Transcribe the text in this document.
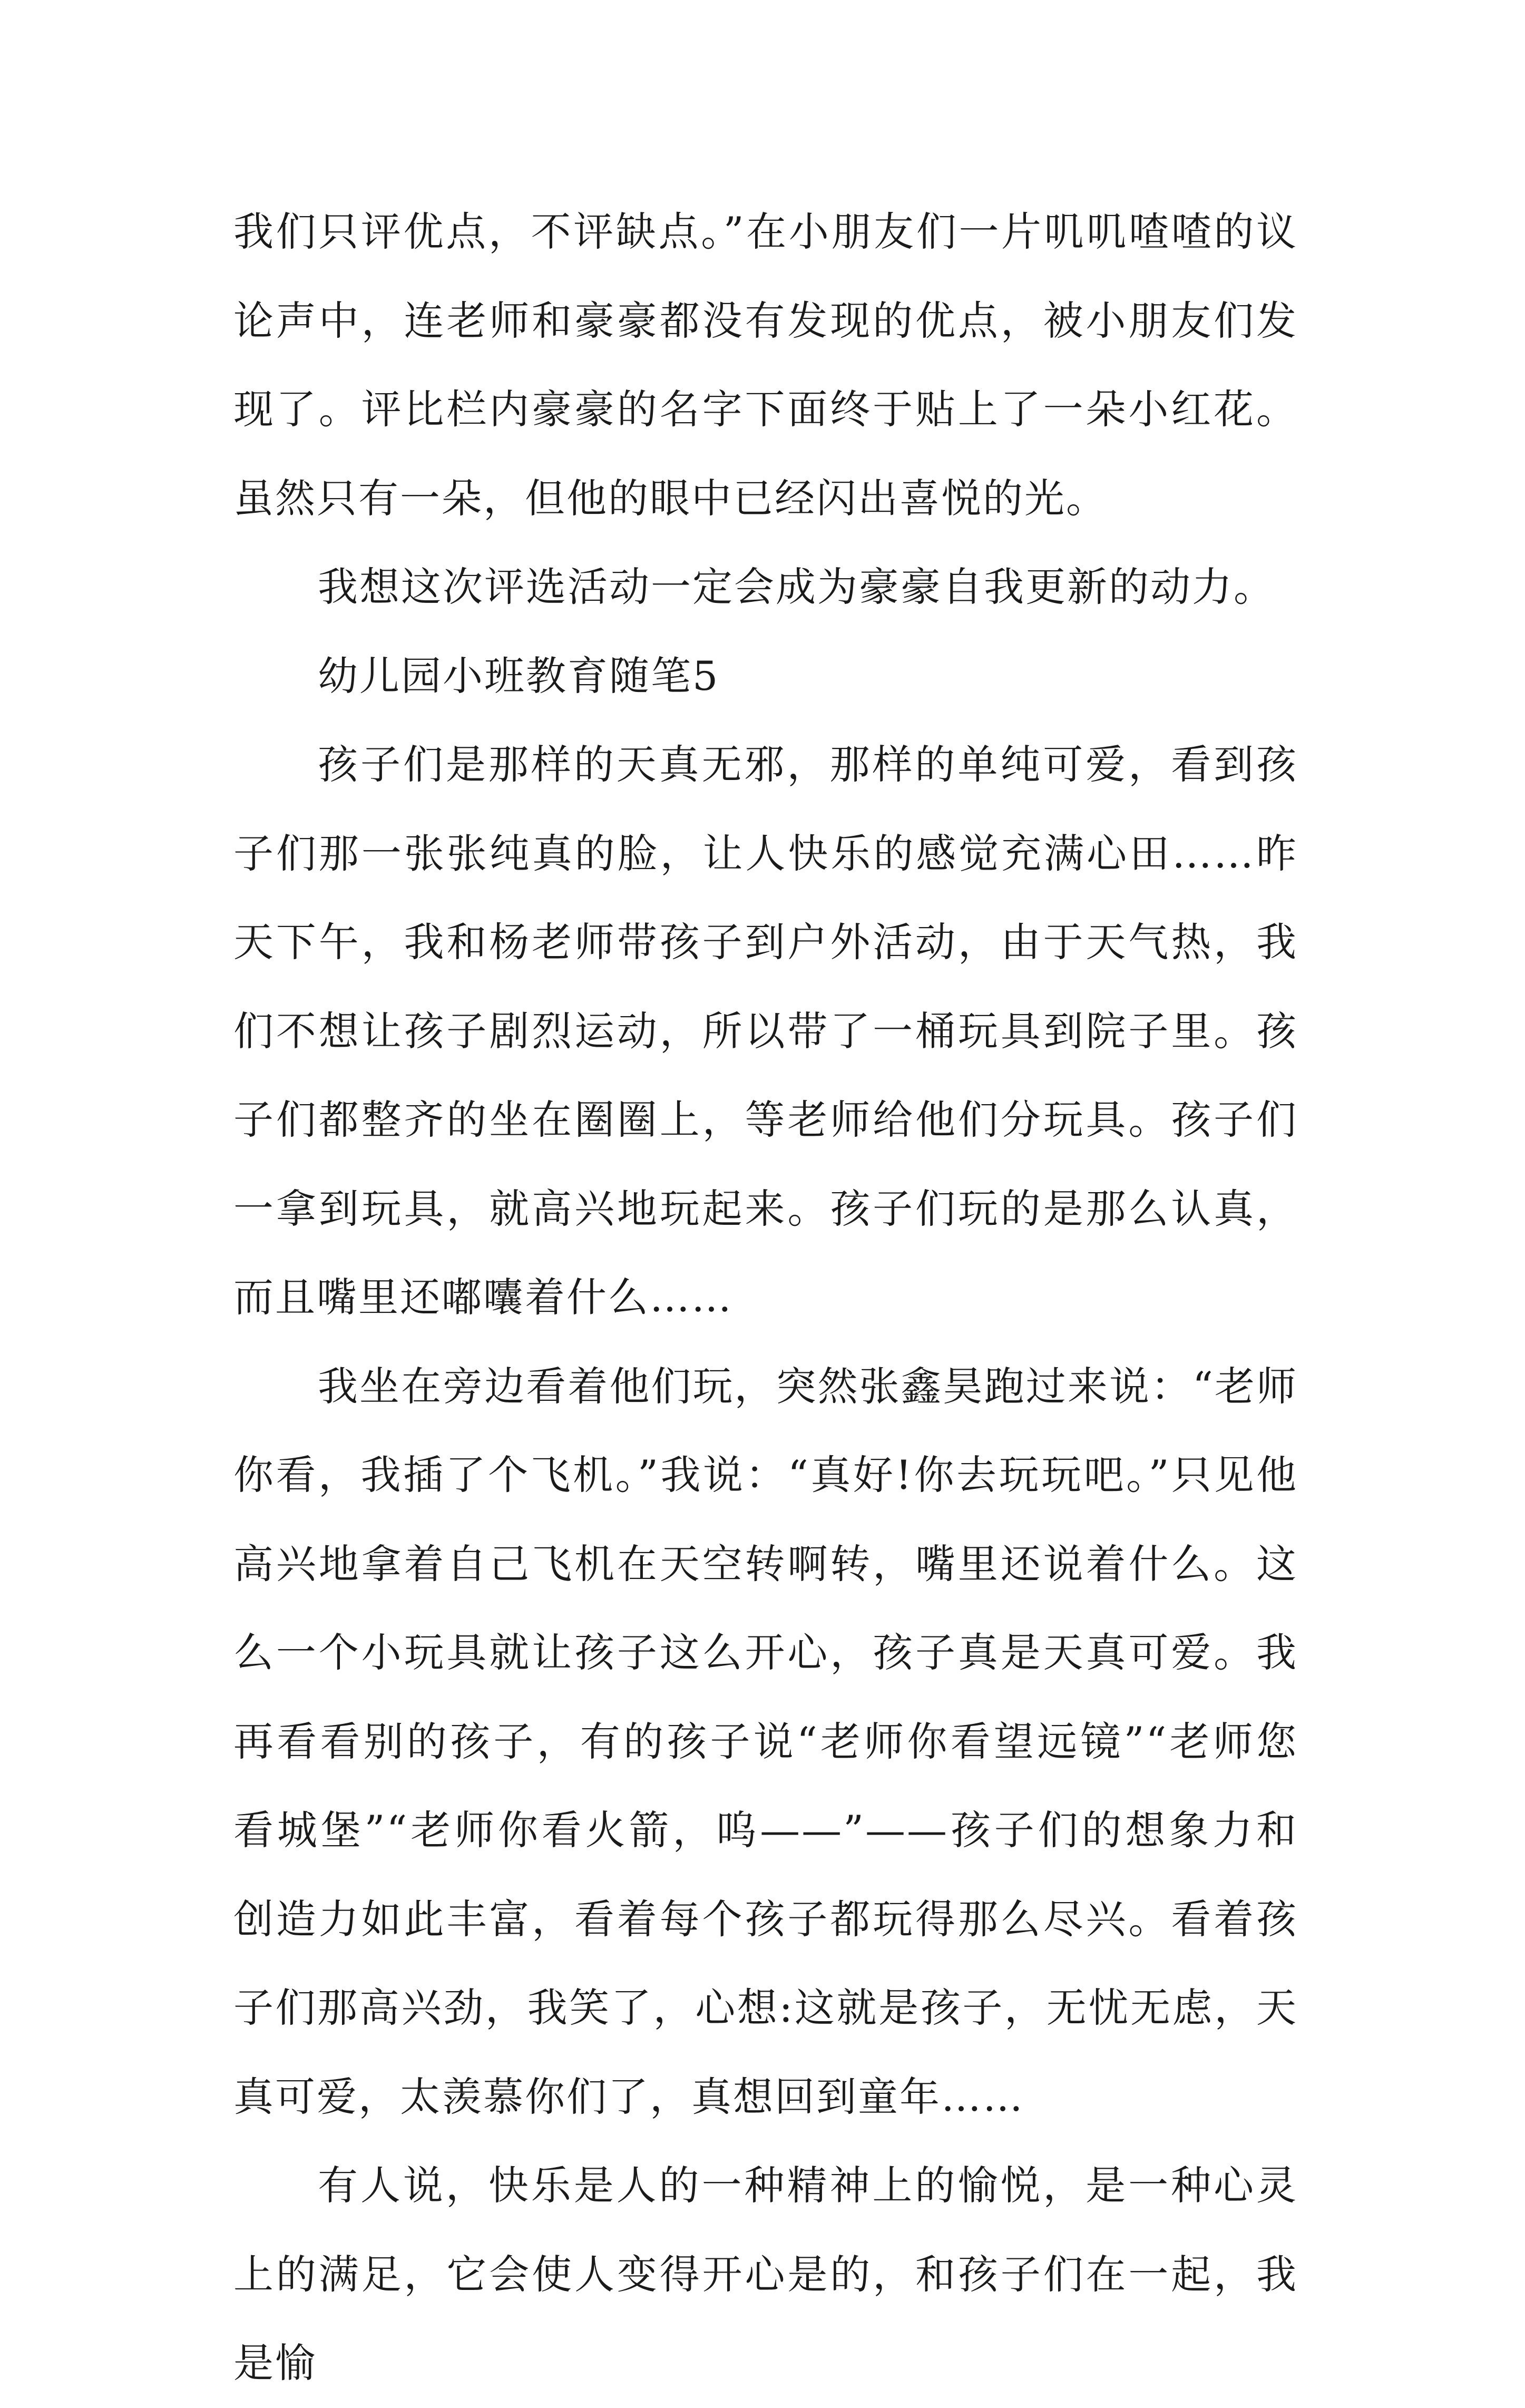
我们只评优点，不评缺点。”在小朋友们一片叽叽喳喳的议论声中，连老师和豪豪都没有发现的优点，被小朋友们发现了。评比栏内豪豪的名字下面终于贴上了一朵小红花。虽然只有一朵，但他的眼中已经闪出喜悦的光。

我想这次评选活动一定会成为豪豪自我更新的动力。

幼儿园小班教育随笔5

孩子们是那样的天真无邪，那样的单纯可爱，看到孩子们那一张张纯真的脸，让人快乐的感觉充满心田……昨天下午，我和杨老师带孩子到户外活动，由于天气热，我们不想让孩子剧烈运动，所以带了一桶玩具到院子里。孩子们都整齐的坐在圈圈上，等老师给他们分玩具。孩子们一拿到玩具，就高兴地玩起来。孩子们玩的是那么认真，而且嘴里还嘟囔着什么……

我坐在旁边看着他们玩，突然张鑫昊跑过来说：“老师你看，我插了个飞机。”我说：“真好!你去玩玩吧。”只见他高兴地拿着自己飞机在天空转啊转，嘴里还说着什么。这么一个小玩具就让孩子这么开心，孩子真是天真可爱。我再看看别的孩子，有的孩子说“老师你看望远镜”“老师您看城堡”“老师你看火箭，呜——”——孩子们的想象力和创造力如此丰富，看着每个孩子都玩得那么尽兴。看着孩子们那高兴劲，我笑了，心想:这就是孩子，无忧无虑，天真可爱，太羡慕你们了，真想回到童年……

有人说，快乐是人的一种精神上的愉悦，是一种心灵上的满足，它会使人变得开心是的，和孩子们在一起，我是愉
